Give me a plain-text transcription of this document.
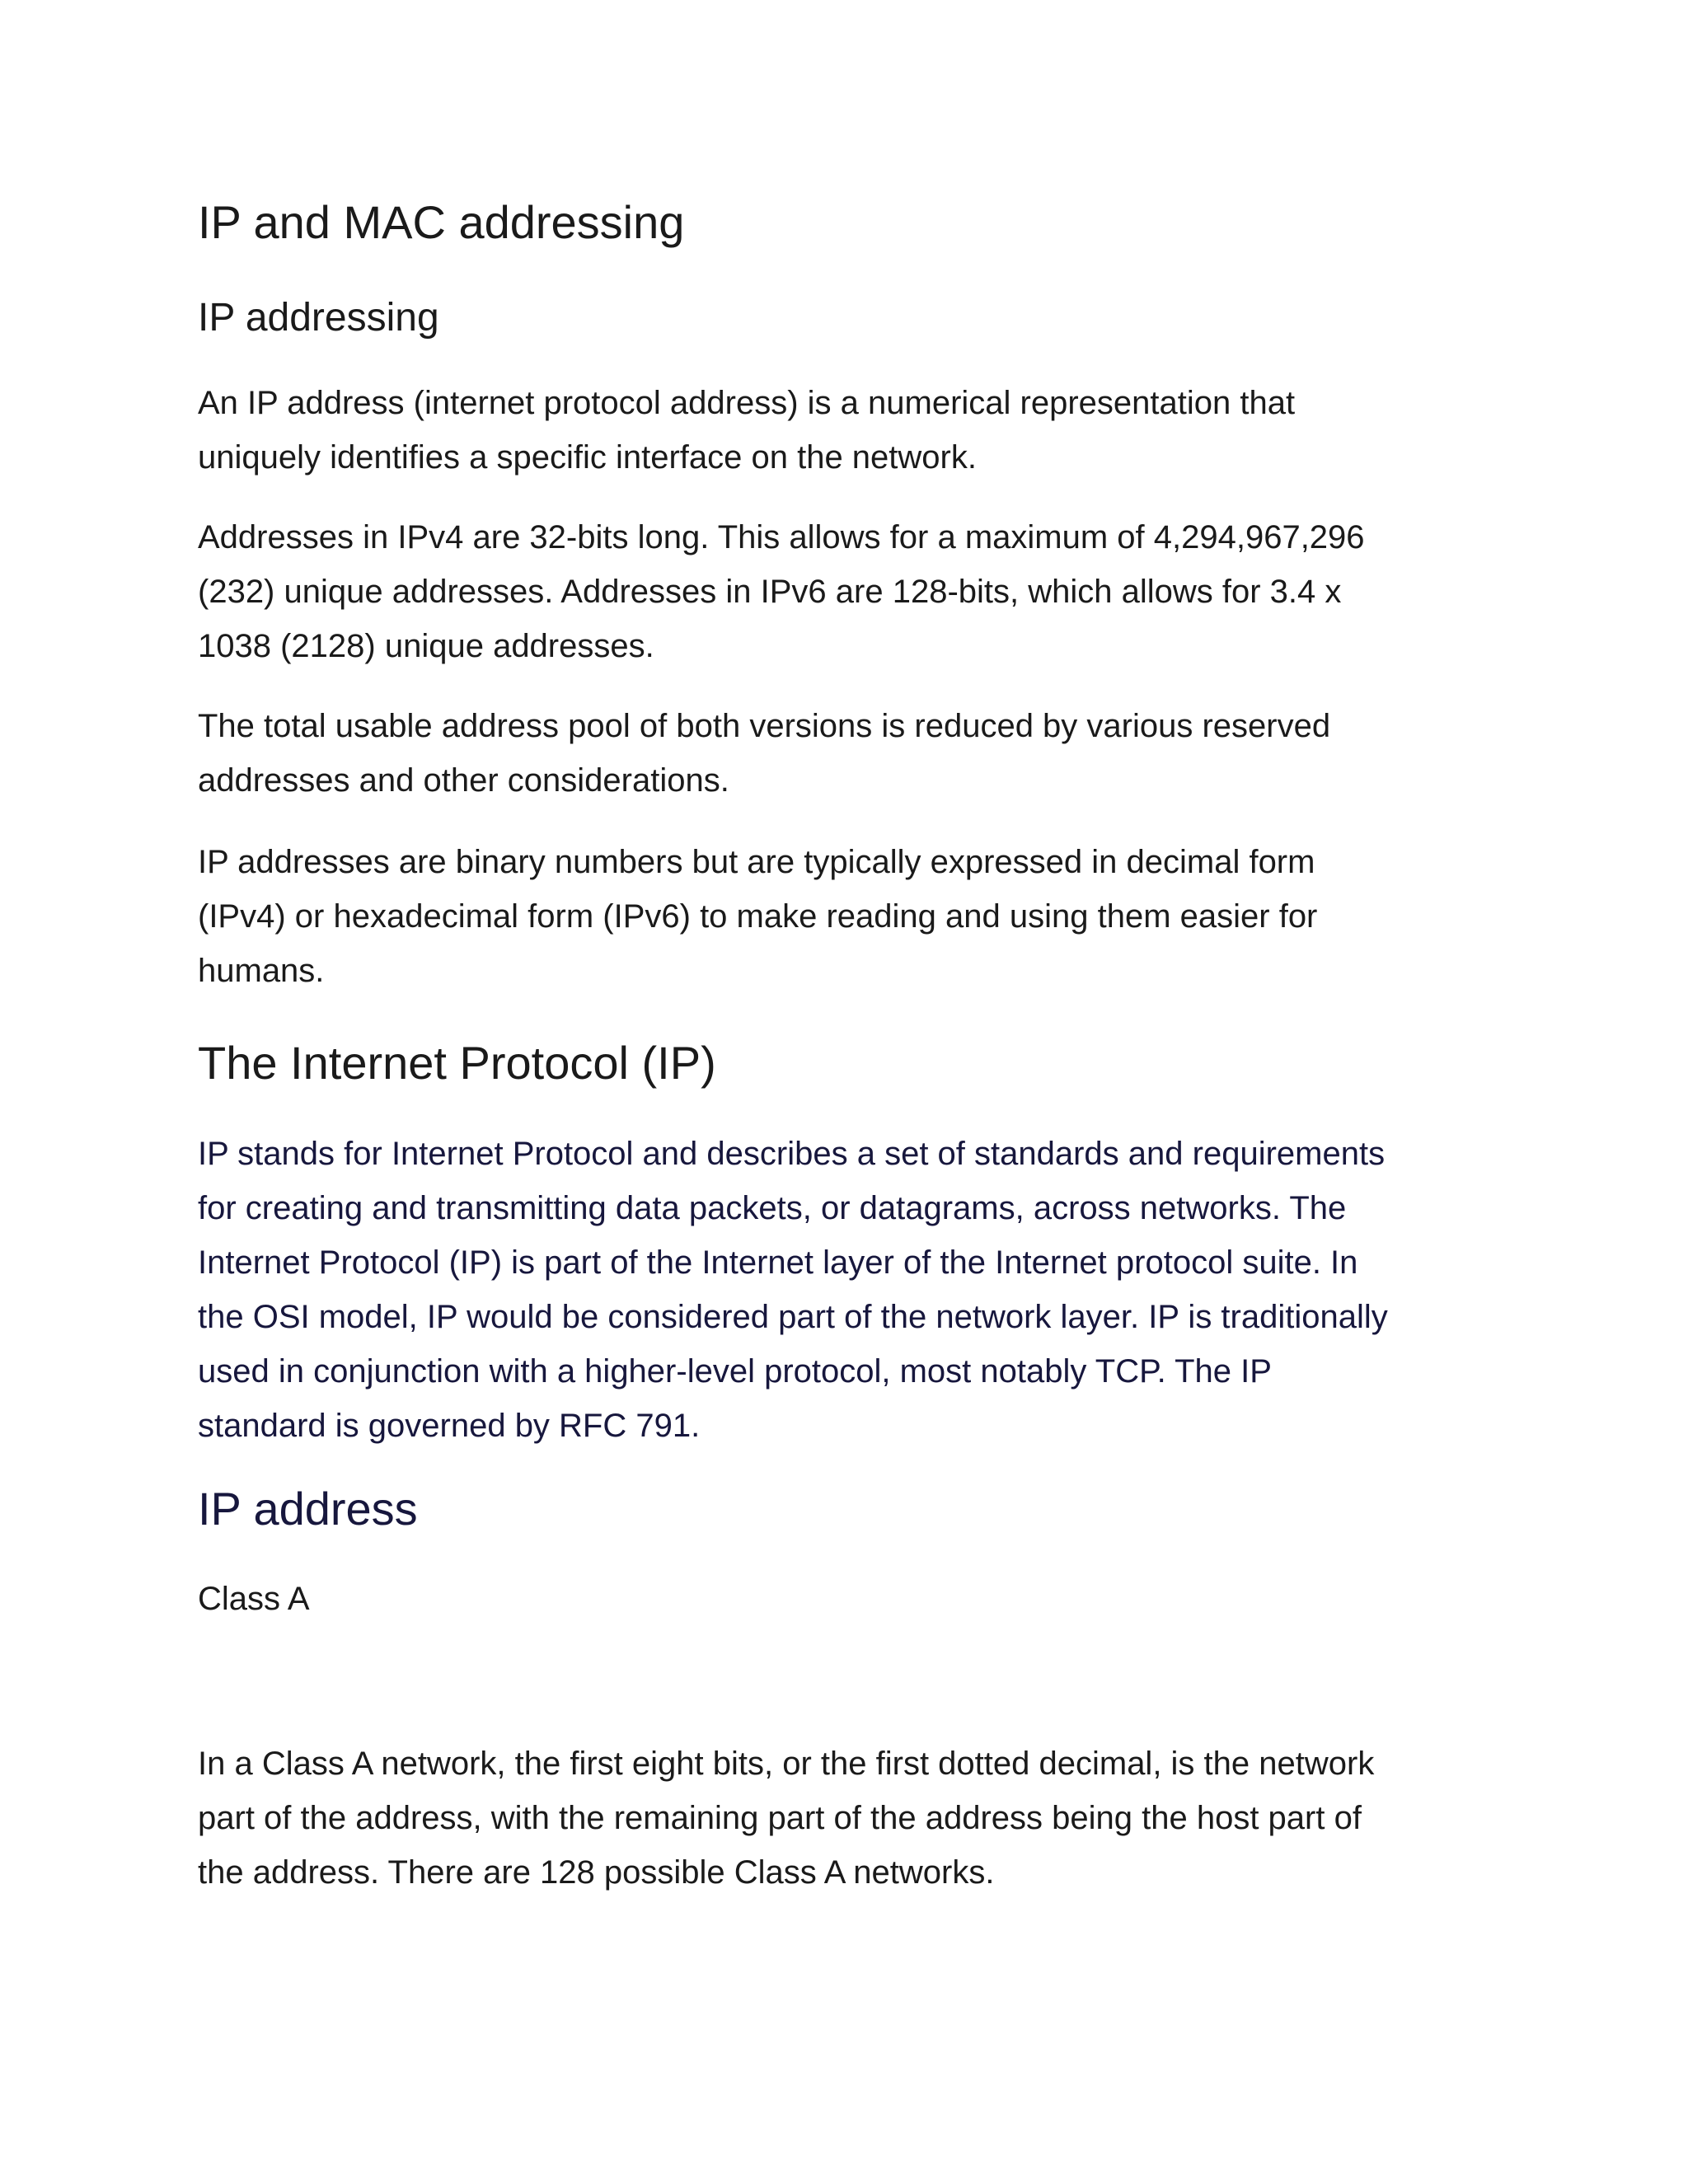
IP and MAC addressing
IP addressing

An IP address (internet protocol address) is a numerical representation that
uniquely identifies a specific interface on the network.

Addresses in IPv4 are 32-bits long. This allows for a maximum of 4,294,967,296
(232) unique addresses. Addresses in IPv6 are 128-bits, which allows for 3.4 x
1038 (2128) unique addresses.

The total usable address pool of both versions is reduced by various reserved
addresses and other considerations.

IP addresses are binary numbers but are typically expressed in decimal form
(IPv4) or hexadecimal form (IPv6) to make reading and using them easier for
humans.

The Internet Protocol (IP)

IP stands for Internet Protocol and describes a set of standards and requirements
for creating and transmitting data packets, or datagrams, across networks. The
Internet Protocol (IP) is part of the Internet layer of the Internet protocol suite. In
the OSI model, IP would be considered part of the network layer. IP is traditionally
used in conjunction with a higher-level protocol, most notably TCP. The IP
standard is governed by RFC 791.

IP address

Class A

In a Class A network, the first eight bits, or the first dotted decimal, is the network
part of the address, with the remaining part of the address being the host part of
the address. There are 128 possible Class A networks.
